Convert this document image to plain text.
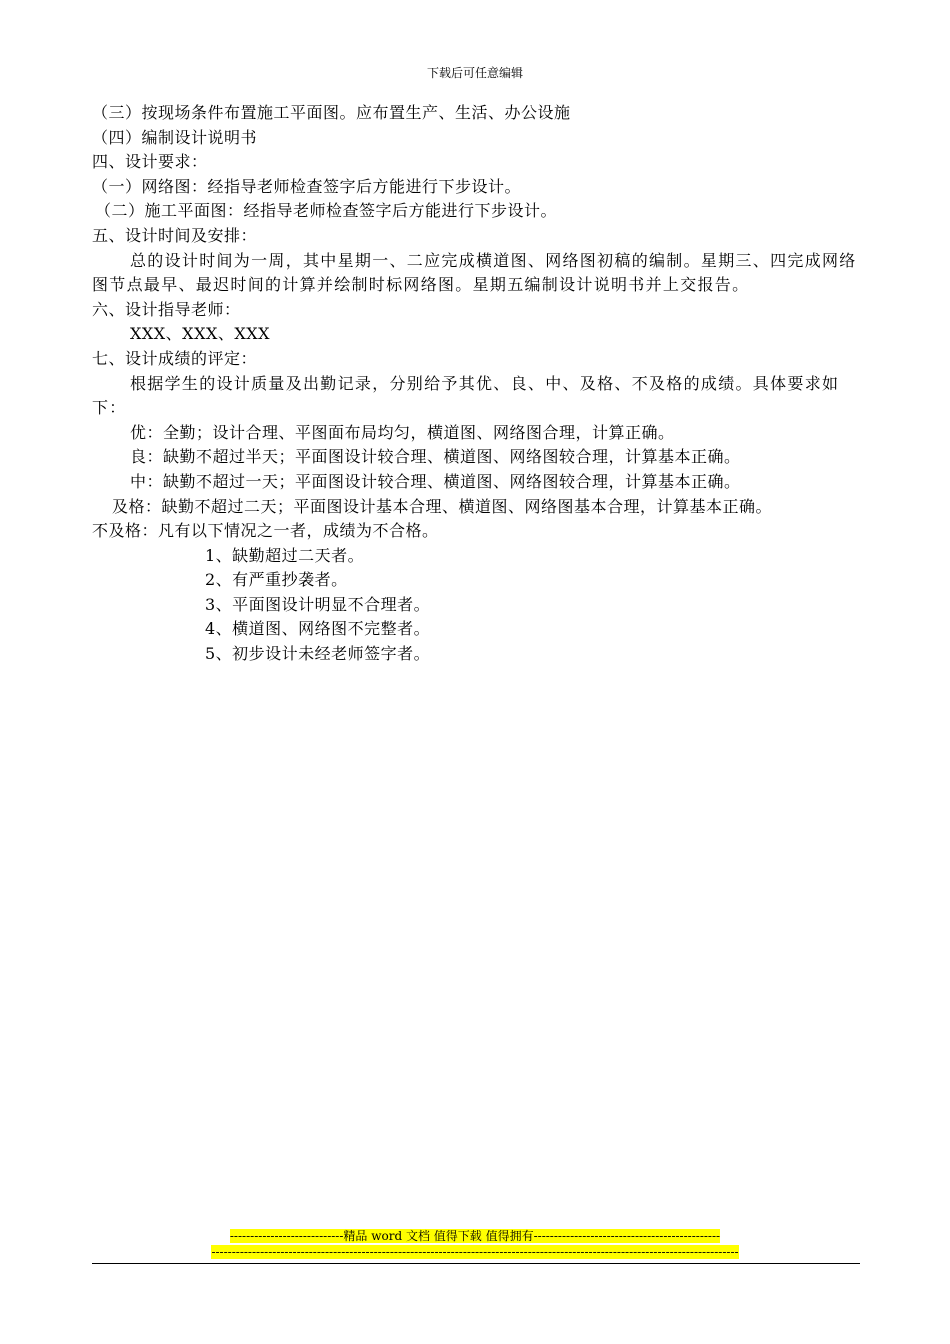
下载后可任意编辑
（三）按现场条件布置施工平面图。应布置生产、生活、办公设施
（四）编制设计说明书
四、设计要求：
（一）网络图：经指导老师检查签字后方能进行下步设计。
（二）施工平面图：经指导老师检查签字后方能进行下步设计。
五、设计时间及安排：
总的设计时间为一周，其中星期一、二应完成横道图、网络图初稿的编制。星期三、四完成网络图节点最早、最迟时间的计算并绘制时标网络图。星期五编制设计说明书并上交报告。
六、设计指导老师：
XXX、XXX、XXX
七、设计成绩的评定：
根据学生的设计质量及出勤记录，分别给予其优、良、中、及格、不及格的成绩。具体要求如下：
优：全勤；设计合理、平图面布局均匀，横道图、网络图合理，计算正确。
良：缺勤不超过半天；平面图设计较合理、横道图、网络图较合理，计算基本正确。
中：缺勤不超过一天；平面图设计较合理、横道图、网络图较合理，计算基本正确。
及格：缺勤不超过二天；平面图设计基本合理、横道图、网络图基本合理，计算基本正确。
不及格：凡有以下情况之一者，成绩为不合格。
1、缺勤超过二天者。
2、有严重抄袭者。
3、平面图设计明显不合理者。
4、横道图、网络图不完整者。
5、初步设计未经老师签字者。
----------------------------精品 word 文档 值得下载 值得拥有----------------------------------------------
----------------------------------------------------------------------------------------------------------------------------------
